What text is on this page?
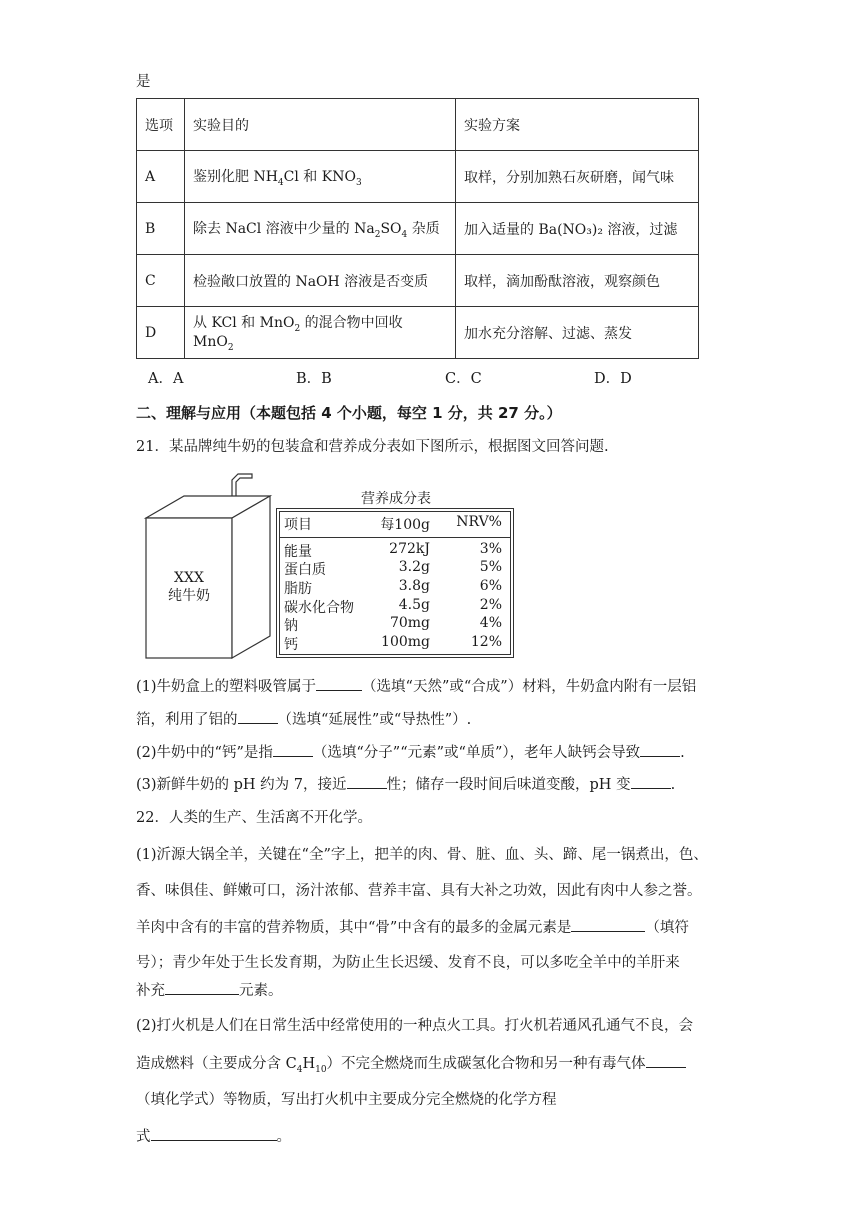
是
选项	实验目的	实验方案
A	鉴别化肥 $NH_4Cl$ 和 $KNO_3$	取样，分别加熟石灰研磨，闻气味
B	除去 NaCl 溶液中少量的 $Na_2SO_4$ 杂质	加入适量的 Ba(NO₃)₂ 溶液，过滤
C	检验敞口放置的 NaOH 溶液是否变质	取样，滴加酚酞溶液，观察颜色
D	从 KCl 和 MnO$_2$ 的混合物中回收 MnO$_2$	加水充分溶解、过滤、蒸发
A．A	B．B	C．C	D．D
二、理解与应用（本题包括 4 个小题，每空 1 分，共 27 分。）
21．某品牌纯牛奶的包装盒和营养成分表如下图所示，根据图文回答问题.
XXX
纯牛奶
营养成分表
项目	每100g	NRV%
能量	272kJ	3%
蛋白质	3.2g	5%
脂肪	3.8g	6%
碳水化合物	4.5g	2%
钠	70mg	4%
钙	100mg	12%
(1)牛奶盒上的塑料吸管属于	（选填“天然”或“合成”）材料，牛奶盒内附有一层铝
箔，利用了铝的	（选填“延展性”或“导热性”）.
(2)牛奶中的“钙”是指	（选填“分子”“元素”或“单质”），老年人缺钙会导致	.
(3)新鲜牛奶的 pH 约为 7，接近	性；储存一段时间后味道变酸，pH 变	.
22．人类的生产、生活离不开化学。
(1)沂源大锅全羊，关键在“全”字上，把羊的肉、骨、脏、血、头、蹄、尾一锅煮出，色、
香、味俱佳、鲜嫩可口，汤汁浓郁、营养丰富、具有大补之功效，因此有肉中人参之誉。
羊肉中含有的丰富的营养物质，其中“骨”中含有的最多的金属元素是	（填符
号）；青少年处于生长发育期，为防止生长迟缓、发育不良，可以多吃全羊中的羊肝来
补充	元素。
(2)打火机是人们在日常生活中经常使用的一种点火工具。打火机若通风孔通气不良，会
造成燃料（主要成分含 $C_4H_{10}$）不完全燃烧而生成碳氢化合物和另一种有毒气体
（填化学式）等物质，写出打火机中主要成分完全燃烧的化学方程
式	。
